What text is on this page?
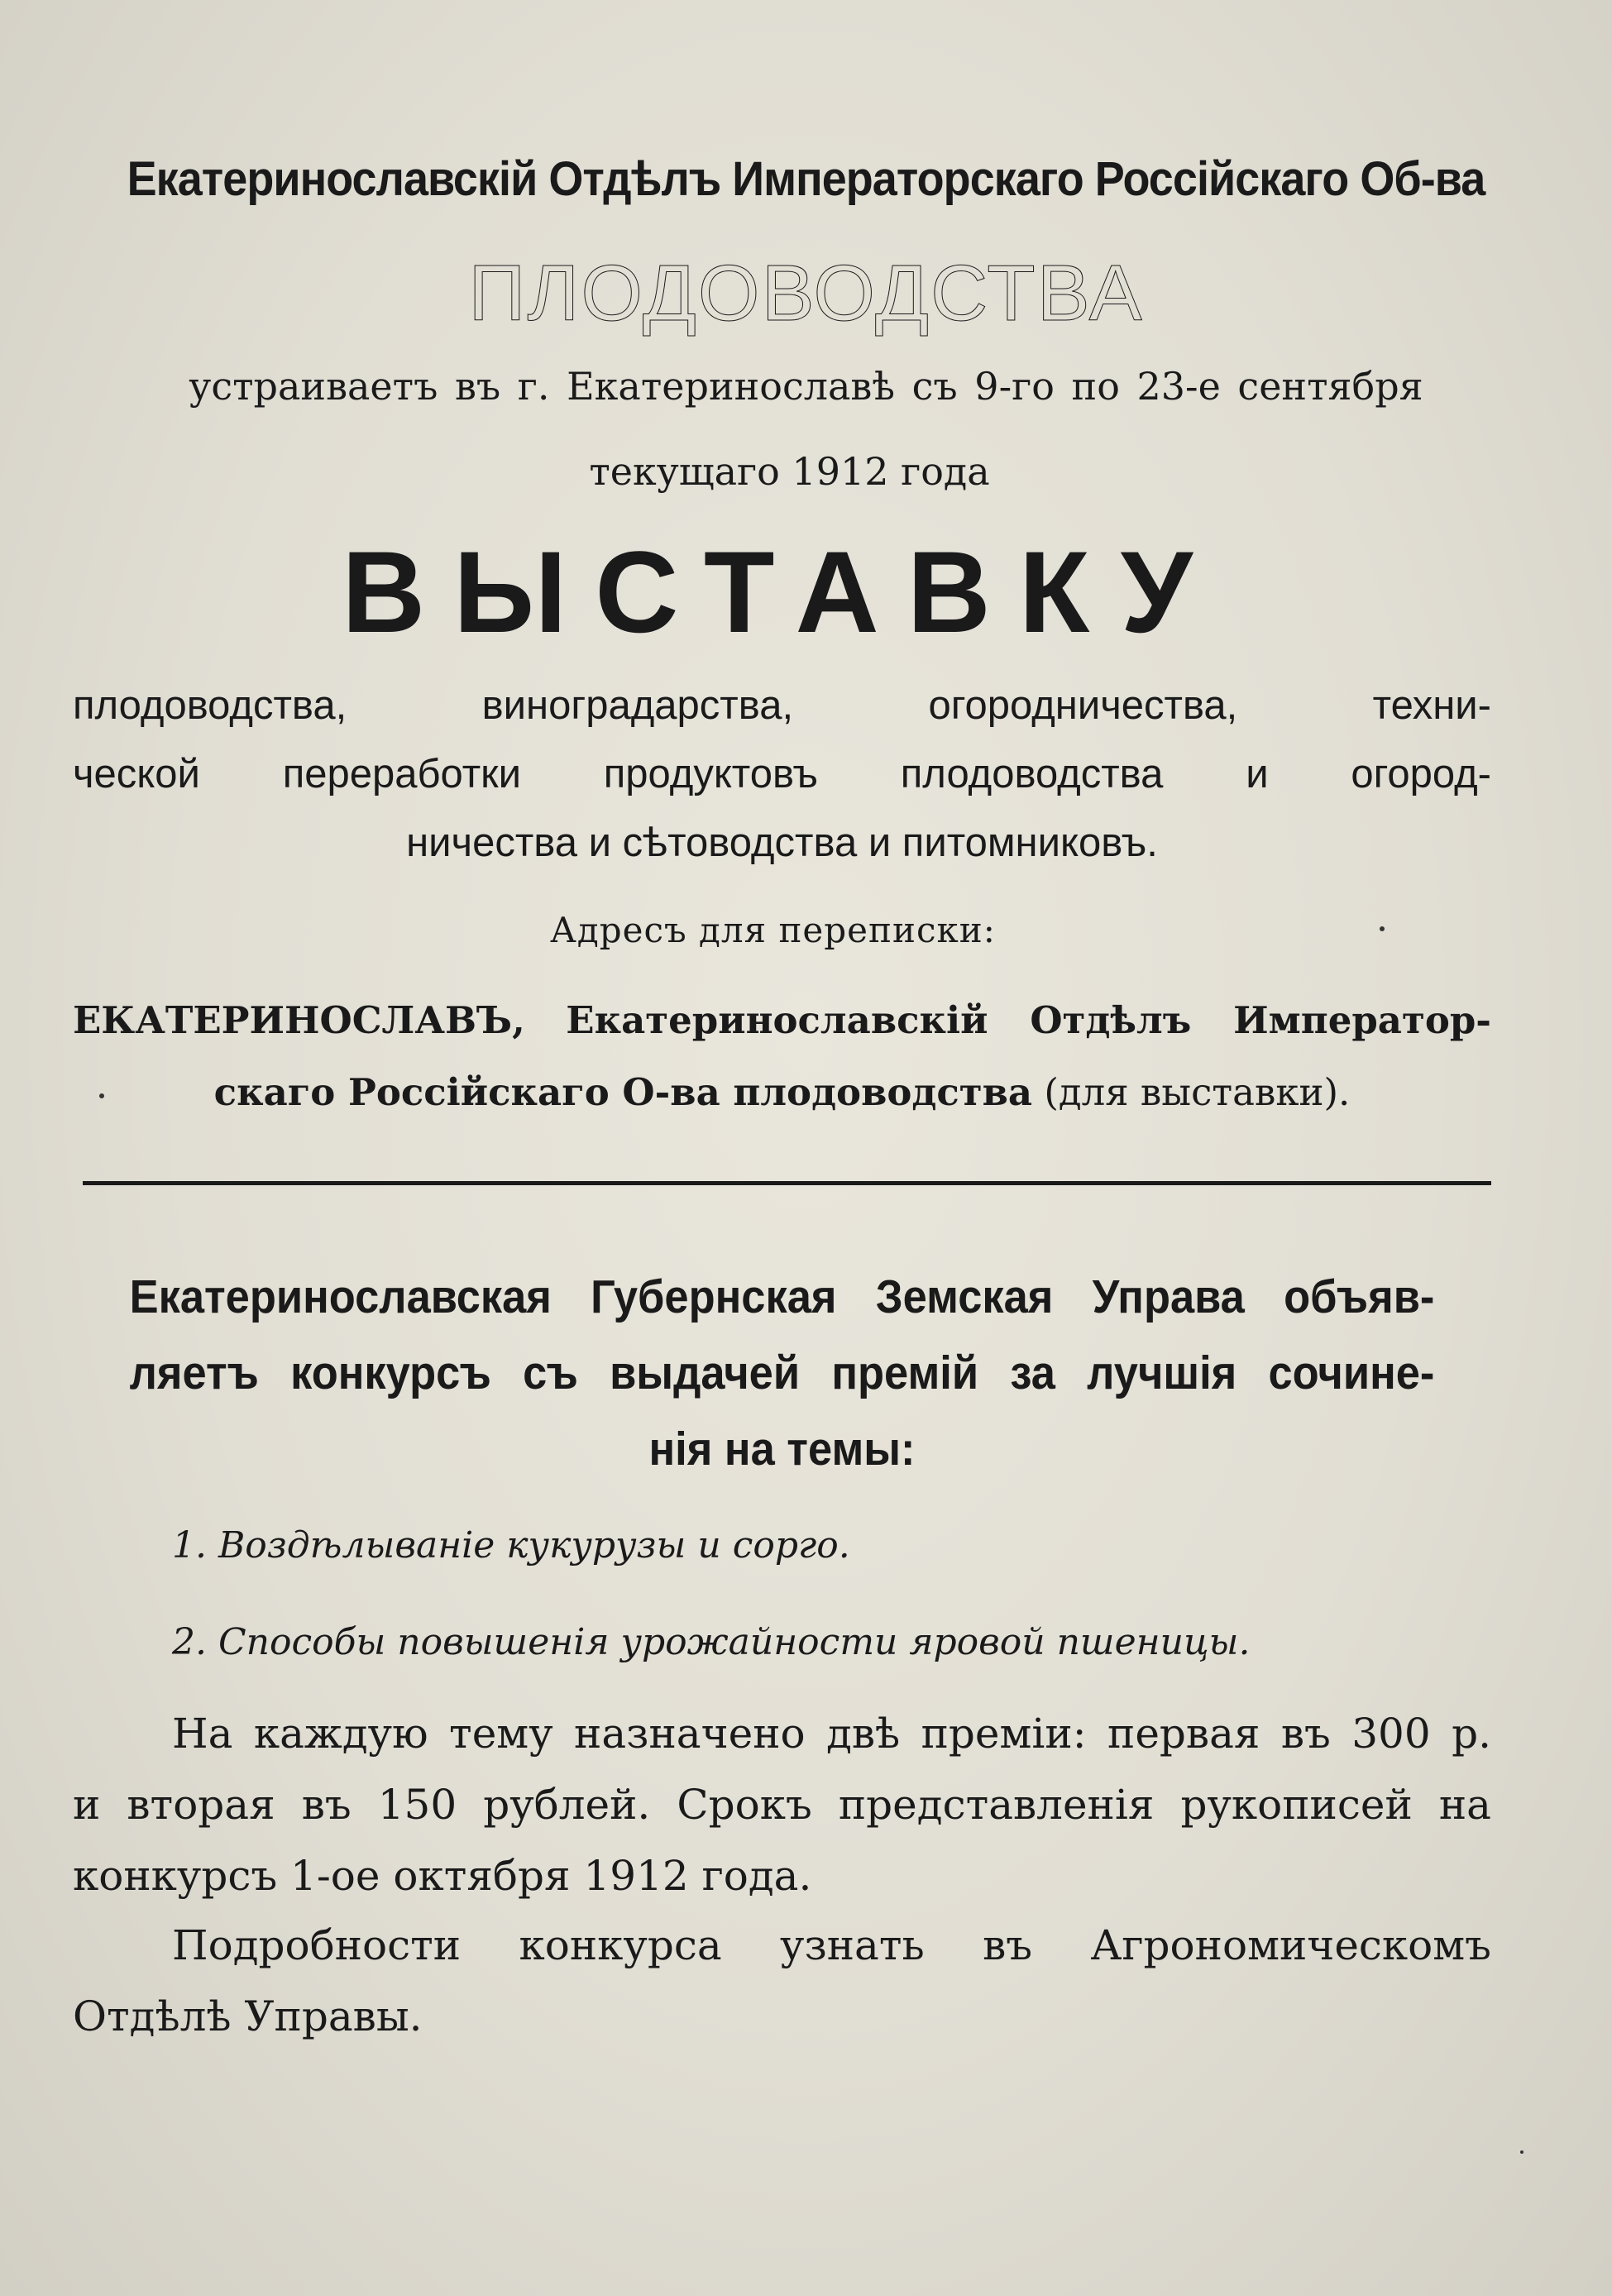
Екатеринославскій Отдѣлъ Императорскаго Россійскаго Об-ва
ПЛОДОВОДСТВА
устраиваетъ въ г. Екатеринославѣ съ 9-го по 23-е сентября
текущаго 1912 года
ВЫСТАВКУ
плодоводства, виноградарства, огородничества, техни-
ческой переработки продуктовъ плодоводства и огород-
ничества и сѣтоводства и питомниковъ.
Адресъ для переписки:
ЕКАТЕРИНОСЛАВЪ, Екатеринославскій Отдѣлъ Император-
скаго Россійскаго О-ва плодоводства (для выставки).
Екатеринославская Губернская Земская Управа объяв-
ляетъ конкурсъ съ выдачей премій за лучшія сочине-
нія на темы:
1. Воздѣлываніе кукурузы и сорго.
2. Способы повышенія урожайности яровой пшеницы.
На каждую тему назначено двѣ преміи: первая въ 300 р.
и вторая въ 150 рублей. Срокъ представленія рукописей на
конкурсъ 1-ое октября 1912 года.
Подробности конкурса узнать въ Агрономическомъ
Отдѣлѣ Управы.
